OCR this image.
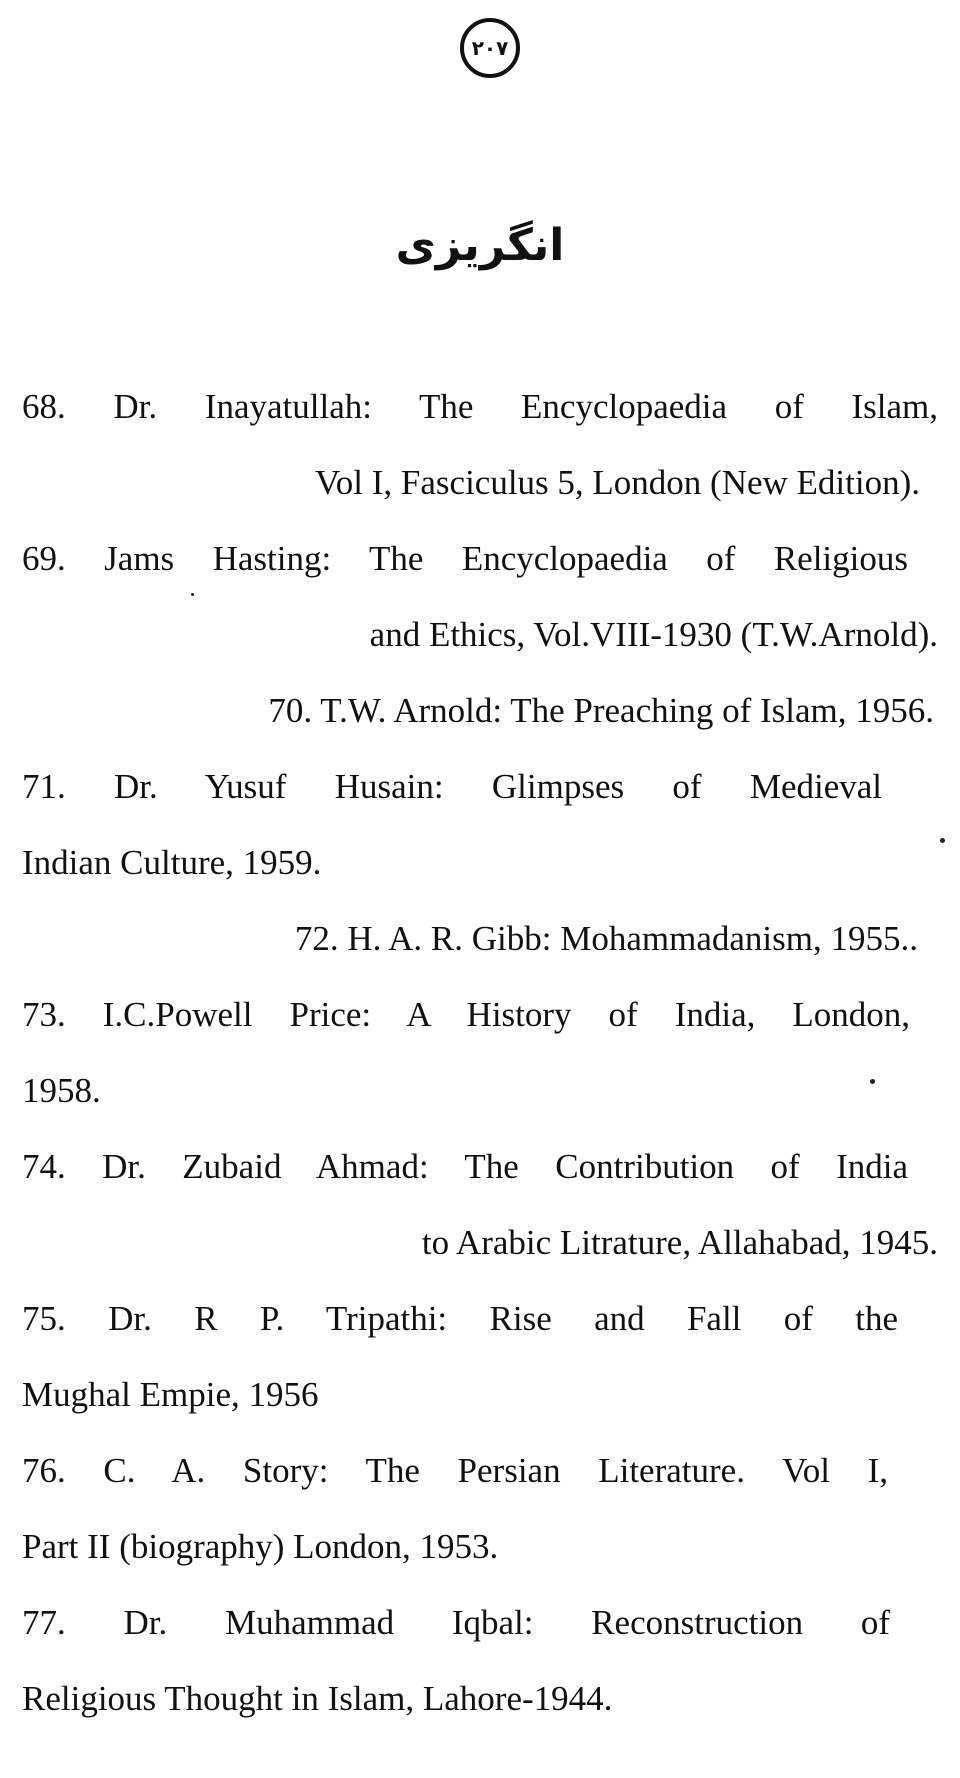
۲۰۷
انگریزی
68. Dr. Inayatullah: The Encyclopaedia of Islam,
Vol I, Fasciculus 5, London (New Edition).
69. Jams Hasting: The Encyclopaedia of Religious
and Ethics, Vol.VIII-1930 (T.W.Arnold).
70. T.W. Arnold: The Preaching of Islam, 1956.
71. Dr. Yusuf Husain: Glimpses of Medieval
Indian Culture, 1959.
72. H. A. R. Gibb: Mohammadanism, 1955..
73. I.C.Powell Price: A History of India, London,
1958.
74. Dr. Zubaid Ahmad: The Contribution of India
to Arabic Litrature, Allahabad, 1945.
75. Dr. R P. Tripathi: Rise and Fall of the
Mughal Empie, 1956
76. C. A. Story: The Persian Literature. Vol I,
Part II (biography) London, 1953.
77. Dr. Muhammad Iqbal: Reconstruction of
Religious Thought in Islam, Lahore-1944.
